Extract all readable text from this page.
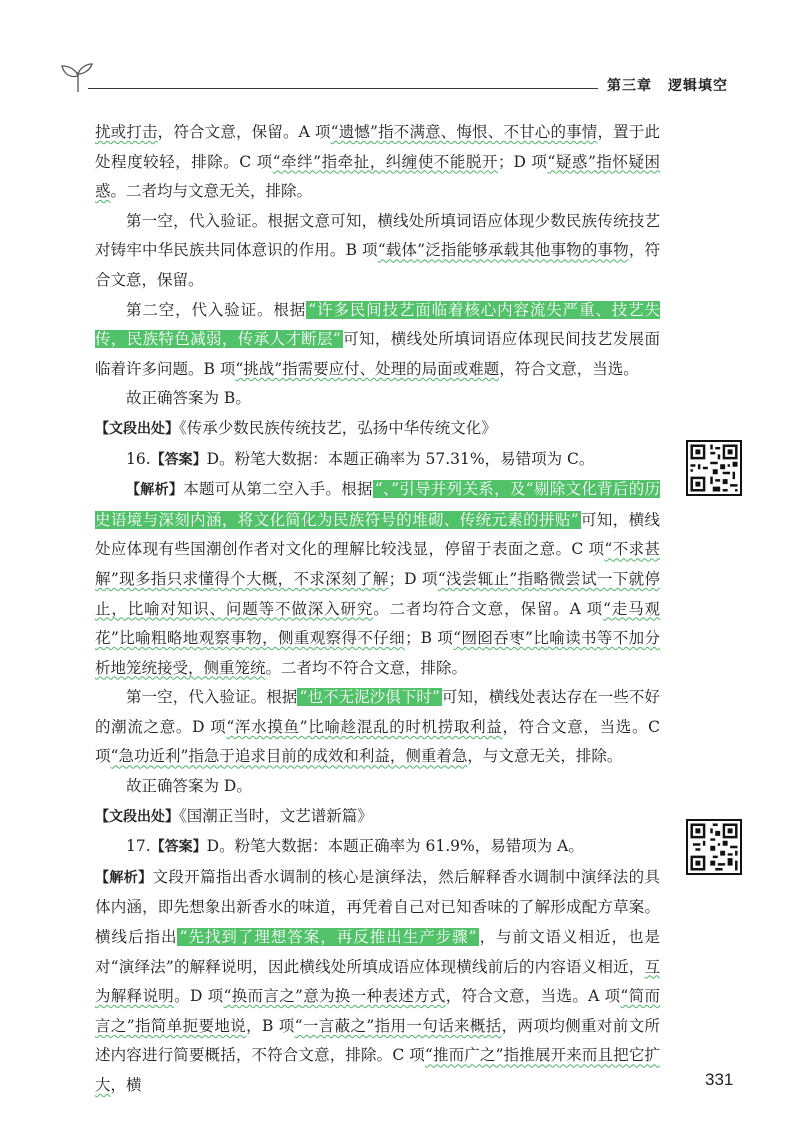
第三章 逻辑填空

扰或打击，符合文意，保留。A 项“遗憾”指不满意、悔恨、不甘心的事情，置于此处程度较轻，排除。C 项“牵绊”指牵扯，纠缠使不能脱开；D 项“疑惑”指怀疑困惑。二者均与文意无关，排除。

第一空，代入验证。根据文意可知，横线处所填词语应体现少数民族传统技艺对铸牢中华民族共同体意识的作用。B 项“载体”泛指能够承载其他事物的事物，符合文意，保留。

第二空，代入验证。根据 “许多民间技艺面临着核心内容流失严重、技艺失传，民族特色减弱，传承人才断层” 可知，横线处所填词语应体现民间技艺发展面临着许多问题。B 项“挑战”指需要应付、处理的局面或难题，符合文意，当选。

故正确答案为 B。

【文段出处】《传承少数民族传统技艺，弘扬中华传统文化》

16.【答案】D。粉笔大数据：本题正确率为 57.31%，易错项为 C。

【解析】本题可从第二空入手。根据 “、”引导并列关系，及“剔除文化背后的历史语境与深刻内涵，将文化简化为民族符号的堆砌、传统元素的拼贴” 可知，横线处应体现有些国潮创作者对文化的理解比较浅显，停留于表面之意。C 项“不求甚解”现多指只求懂得个大概，不求深刻了解；D 项“浅尝辄止”指略微尝试一下就停止，比喻对知识、问题等不做深入研究。二者均符合文意，保留。A 项“走马观花”比喻粗略地观察事物，侧重观察得不仔细；B 项“囫囵吞枣”比喻读书等不加分析地笼统接受，侧重笼统。二者均不符合文意，排除。

第一空，代入验证。根据 “也不无泥沙俱下时” 可知，横线处表达存在一些不好的潮流之意。D 项“浑水摸鱼”比喻趁混乱的时机捞取利益，符合文意，当选。C 项“急功近利”指急于追求目前的成效和利益，侧重着急，与文意无关，排除。

故正确答案为 D。

【文段出处】《国潮正当时，文艺谱新篇》

17.【答案】D。粉笔大数据：本题正确率为 61.9%，易错项为 A。

【解析】文段开篇指出香水调制的核心是演绎法，然后解释香水调制中演绎法的具体内涵，即先想象出新香水的味道，再凭着自己对已知香味的了解形成配方草案。横线后指出 “先找到了理想答案，再反推出生产步骤” ，与前文语义相近，也是对“演绎法”的解释说明，因此横线处所填成语应体现横线前后的内容语义相近，互为解释说明。D 项“换而言之”意为换一种表述方式，符合文意，当选。A 项“简而言之”指简单扼要地说，B 项“一言蔽之”指用一句话来概括，两项均侧重对前文所述内容进行简要概括，不符合文意，排除。C 项“推而广之”指推展开来而且把它扩大，横	331
